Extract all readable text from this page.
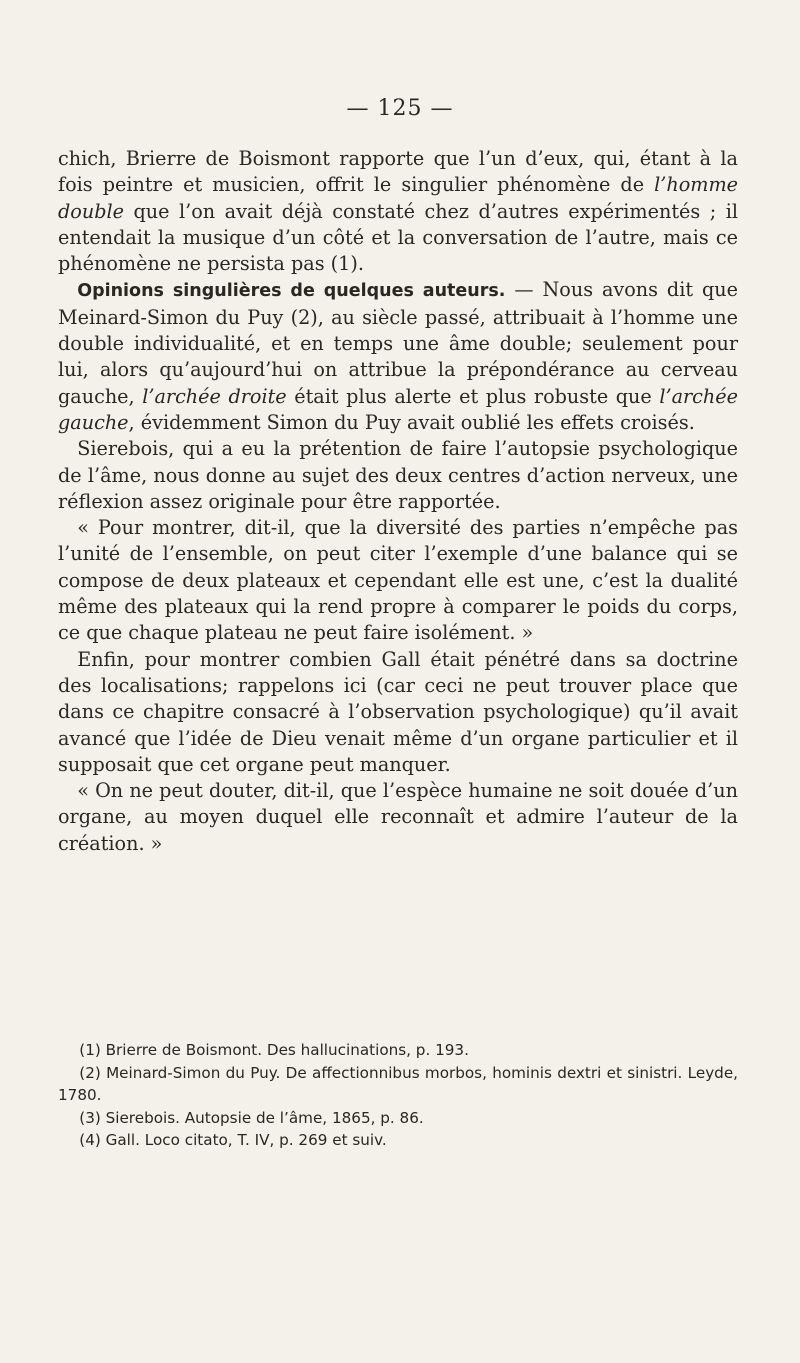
— 125 —

chich, Brierre de Boismont rapporte que l’un d’eux, qui, étant à la fois peintre et musicien, offrit le singulier phénomène de l’homme double que l’on avait déjà constaté chez d’autres expérimentés ; il entendait la musique d’un côté et la conversation de l’autre, mais ce phénomène ne persista pas (1).

Opinions singulières de quelques auteurs. — Nous avons dit que Meinard-Simon du Puy (2), au siècle passé, attribuait à l’homme une double individualité, et en temps une âme double; seulement pour lui, alors qu’aujourd’hui on attribue la prépondérance au cerveau gauche, l’archée droite était plus alerte et plus robuste que l’archée gauche, évidemment Simon du Puy avait oublié les effets croisés.

Sierebois, qui a eu la prétention de faire l’autopsie psychologique de l’âme, nous donne au sujet des deux centres d’action nerveux, une réflexion assez originale pour être rapportée.

« Pour montrer, dit-il, que la diversité des parties n’empêche pas l’unité de l’ensemble, on peut citer l’exemple d’une balance qui se compose de deux plateaux et cependant elle est une, c’est la dualité même des plateaux qui la rend propre à comparer le poids du corps, ce que chaque plateau ne peut faire isolément. »

Enfin, pour montrer combien Gall était pénétré dans sa doctrine des localisations; rappelons ici (car ceci ne peut trouver place que dans ce chapitre consacré à l’observation psychologique) qu’il avait avancé que l’idée de Dieu venait même d’un organe particulier et il supposait que cet organe peut manquer.

« On ne peut douter, dit-il, que l’espèce humaine ne soit douée d’un organe, au moyen duquel elle reconnaît et admire l’auteur de la création. »

(1) Brierre de Boismont. Des hallucinations, p. 193.

(2) Meinard-Simon du Puy. De affectionnibus morbos, hominis dextri et sinistri. Leyde, 1780.

(3) Sierebois. Autopsie de l’âme, 1865, p. 86.

(4) Gall. Loco citato, T. IV, p. 269 et suiv.
